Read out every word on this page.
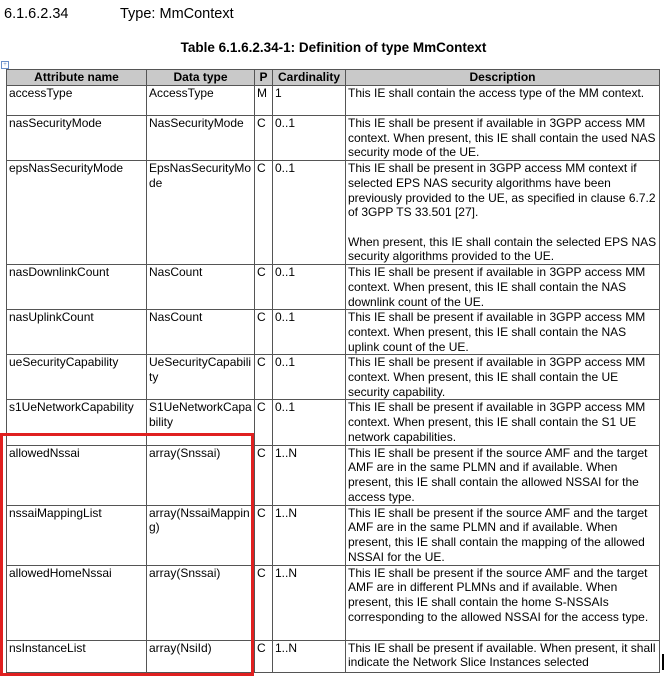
6.1.6.2.34	Type: MmContext
Table 6.1.6.2.34-1: Definition of type MmContext
+
Attribute name	Data type	P	Cardinality	Description
accessType	AccessType	M	1	This IE shall contain the access type of the MM context.
nasSecurityMode	NasSecurityMode	C	0..1	This IE shall be present if available in 3GPP access MM context. When present, this IE shall contain the used NAS security mode of the UE.
epsNasSecurityMode	EpsNasSecurityMode	C	0..1	This IE shall be present in 3GPP access MM context if selected EPS NAS security algorithms have been previously provided to the UE, as specified in clause 6.7.2 of 3GPP TS 33.501 [27].
When present, this IE shall contain the selected EPS NAS security algorithms provided to the UE.

nasDownlinkCount	NasCount	C	0..1	This IE shall be present if available in 3GPP access MM context. When present, this IE shall contain the NAS downlink count of the UE.
nasUplinkCount	NasCount	C	0..1	This IE shall be present if available in 3GPP access MM context. When present, this IE shall contain the NAS uplink count of the UE.
ueSecurityCapability	UeSecurityCapability	C	0..1	This IE shall be present if available in 3GPP access MM context. When present, this IE shall contain the UE security capability.
s1UeNetworkCapability	S1UeNetworkCapability	C	0..1	This IE shall be present if available in 3GPP access MM context. When present, this IE shall contain the S1 UE network capabilities.
allowedNssai	array(Snssai)	C	1..N	This IE shall be present if the source AMF and the target AMF are in the same PLMN and if available. When present, this IE shall contain the allowed NSSAI for the access type.
nssaiMappingList	array(NssaiMapping)	C	1..N	This IE shall be present if the source AMF and the target AMF are in the same PLMN and if available. When present, this IE shall contain the mapping of the allowed NSSAI for the UE.
allowedHomeNssai	array(Snssai)	C	1..N	This IE shall be present if the source AMF and the target AMF are in different PLMNs and if available. When present, this IE shall contain the home S-NSSAIs corresponding to the allowed NSSAI for the access type.
nsInstanceList	array(NsiId)	C	1..N	This IE shall be present if available. When present, it shall indicate the Network Slice Instances selected
